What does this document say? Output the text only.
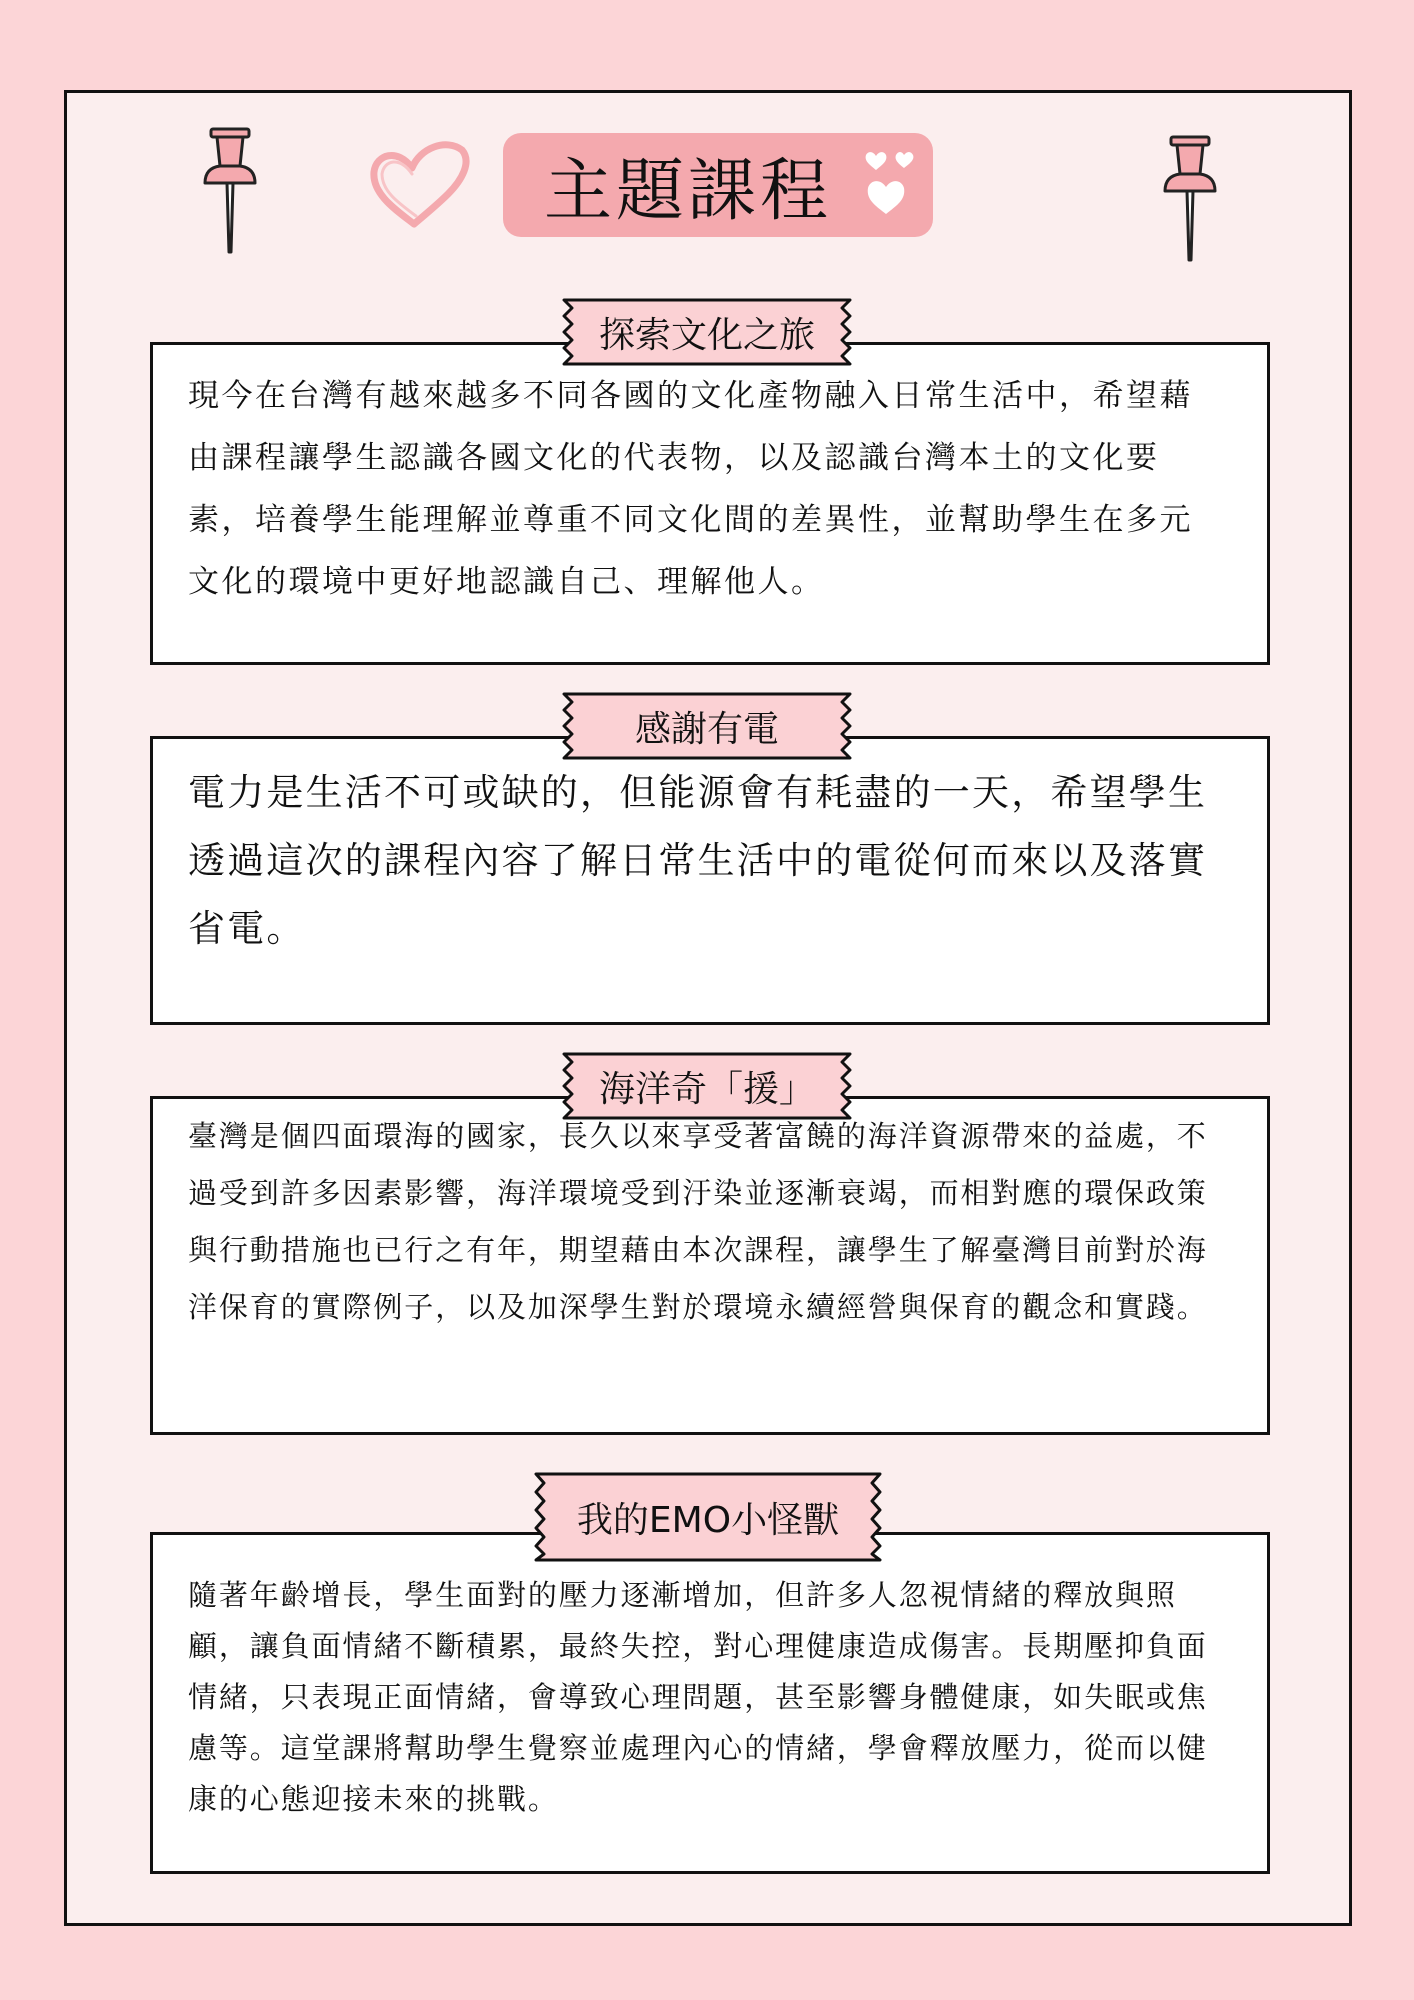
主題課程

現今在台灣有越來越多不同各國的文化產物融入日常生活中，希望藉由課程讓學生認識各國文化的代表物，以及認識台灣本土的文化要素，培養學生能理解並尊重不同文化間的差異性，並幫助學生在多元文化的環境中更好地認識自己、理解他人。

探索文化之旅

電力是生活不可或缺的，但能源會有耗盡的一天，希望學生透過這次的課程內容了解日常生活中的電從何而來以及落實省電。

感謝有電

臺灣是個四面環海的國家，長久以來享受著富饒的海洋資源帶來的益處，不過受到許多因素影響，海洋環境受到汙染並逐漸衰竭，而相對應的環保政策與行動措施也已行之有年，期望藉由本次課程，讓學生了解臺灣目前對於海洋保育的實際例子，以及加深學生對於環境永續經營與保育的觀念和實踐。

海洋奇「援」

隨著年齡增長，學生面對的壓力逐漸增加，但許多人忽視情緒的釋放與照顧，讓負面情緒不斷積累，最終失控，對心理健康造成傷害。長期壓抑負面情緒，只表現正面情緒，會導致心理問題，甚至影響身體健康，如失眠或焦慮等。這堂課將幫助學生覺察並處理內心的情緒，學會釋放壓力，從而以健康的心態迎接未來的挑戰。

我的EMO小怪獸
